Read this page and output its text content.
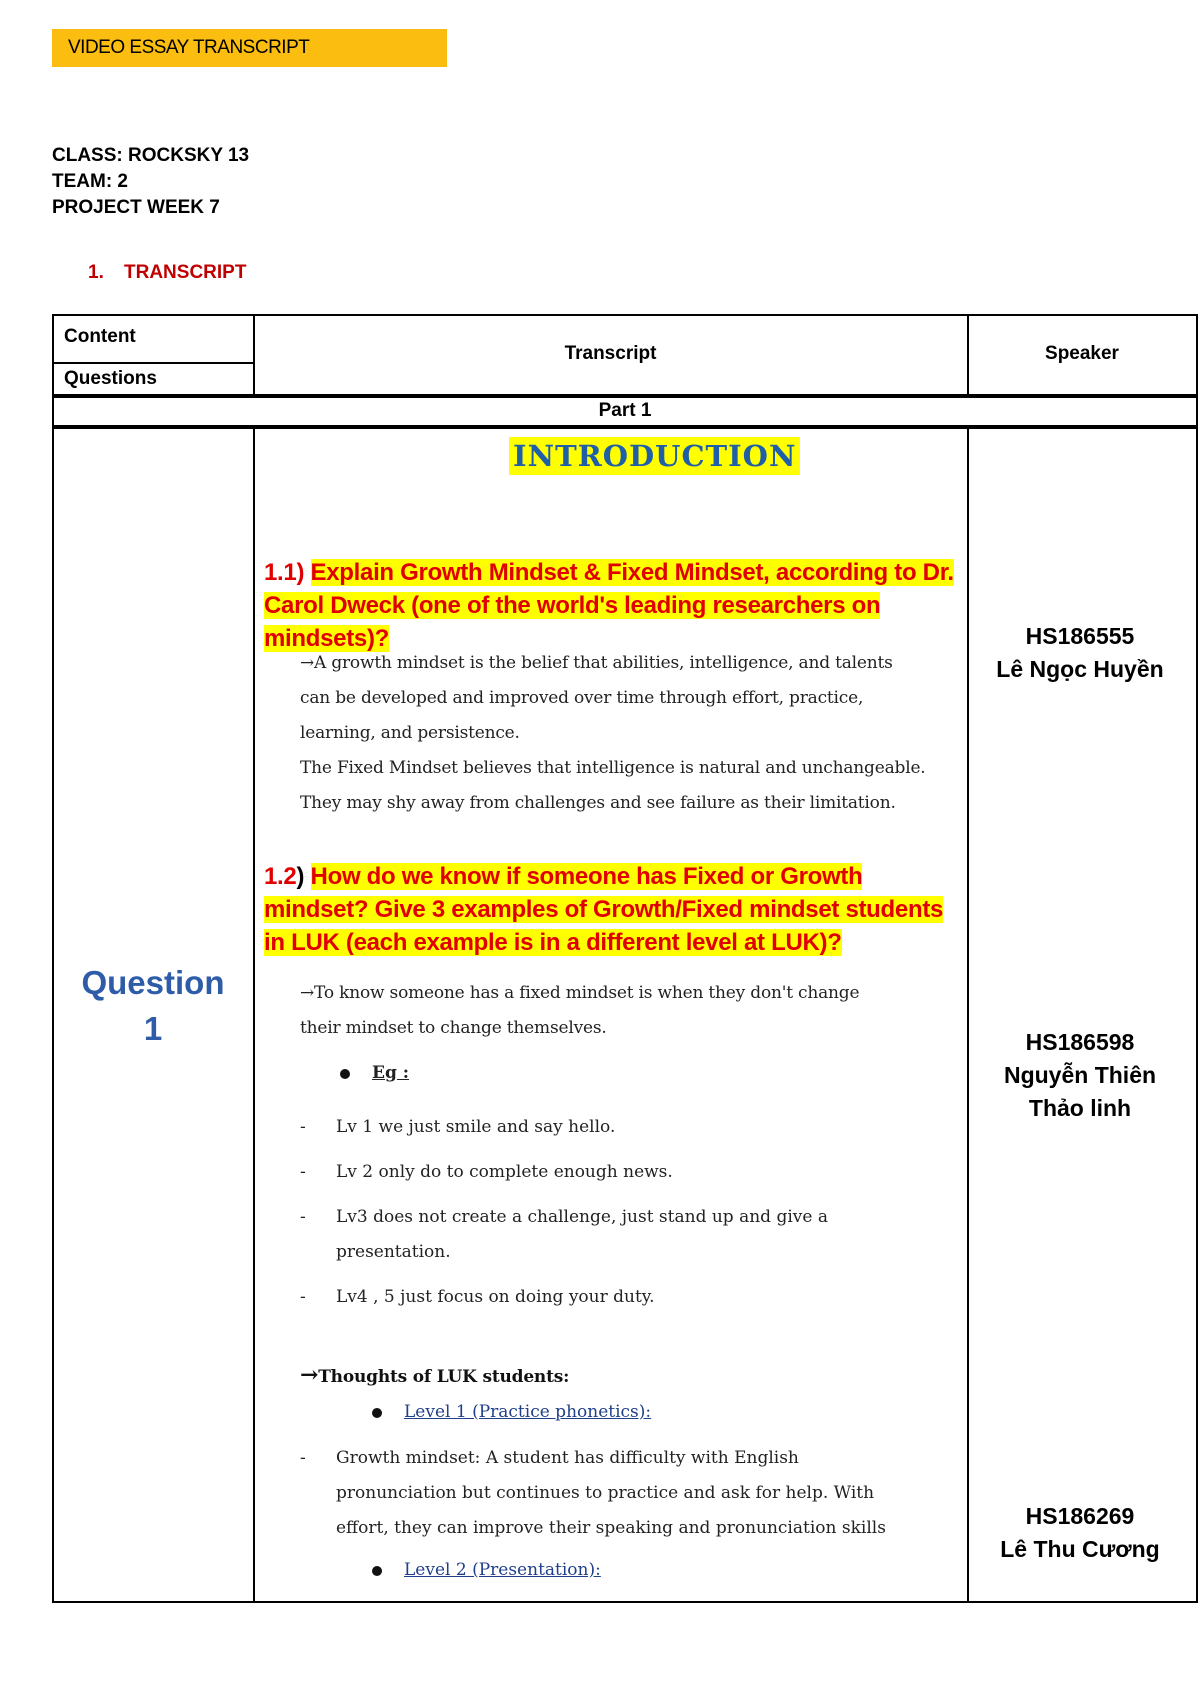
VIDEO ESSAY TRANSCRIPT
CLASS: ROCKSKY 13
TEAM: 2
PROJECT WEEK 7
1. TRANSCRIPT
Content
Questions
Transcript	Speaker
Part 1
Question
1
INTRODUCTION
1.1) Explain Growth Mindset & Fixed Mindset, according to Dr. Carol Dweck (one of the world's leading researchers on mindsets)?
→A growth mindset is the belief that abilities, intelligence, and talents
can be developed and improved over time through effort, practice,
learning, and persistence.
The Fixed Mindset believes that intelligence is natural and unchangeable.
They may shy away from challenges and see failure as their limitation.
1.2) How do we know if someone has Fixed or Growth mindset? Give 3 examples of Growth/Fixed mindset students in LUK (each example is in a different level at LUK)?
→To know someone has a fixed mindset is when they don't change
their mindset to change themselves.
Eg :
- Lv 1 we just smile and say hello.
- Lv 2 only do to complete enough news.
- Lv3 does not create a challenge, just stand up and give a presentation.
- Lv4 , 5 just focus on doing your duty.
→Thoughts of LUK students:
Level 1 (Practice phonetics):
- Growth mindset: A student has difficulty with English pronunciation but continues to practice and ask for help. With effort, they can improve their speaking and pronunciation skills
Level 2 (Presentation):
HS186555
Lê Ngọc Huyền
HS186598
Nguyễn Thiên Thảo linh
HS186269
Lê Thu Cương
